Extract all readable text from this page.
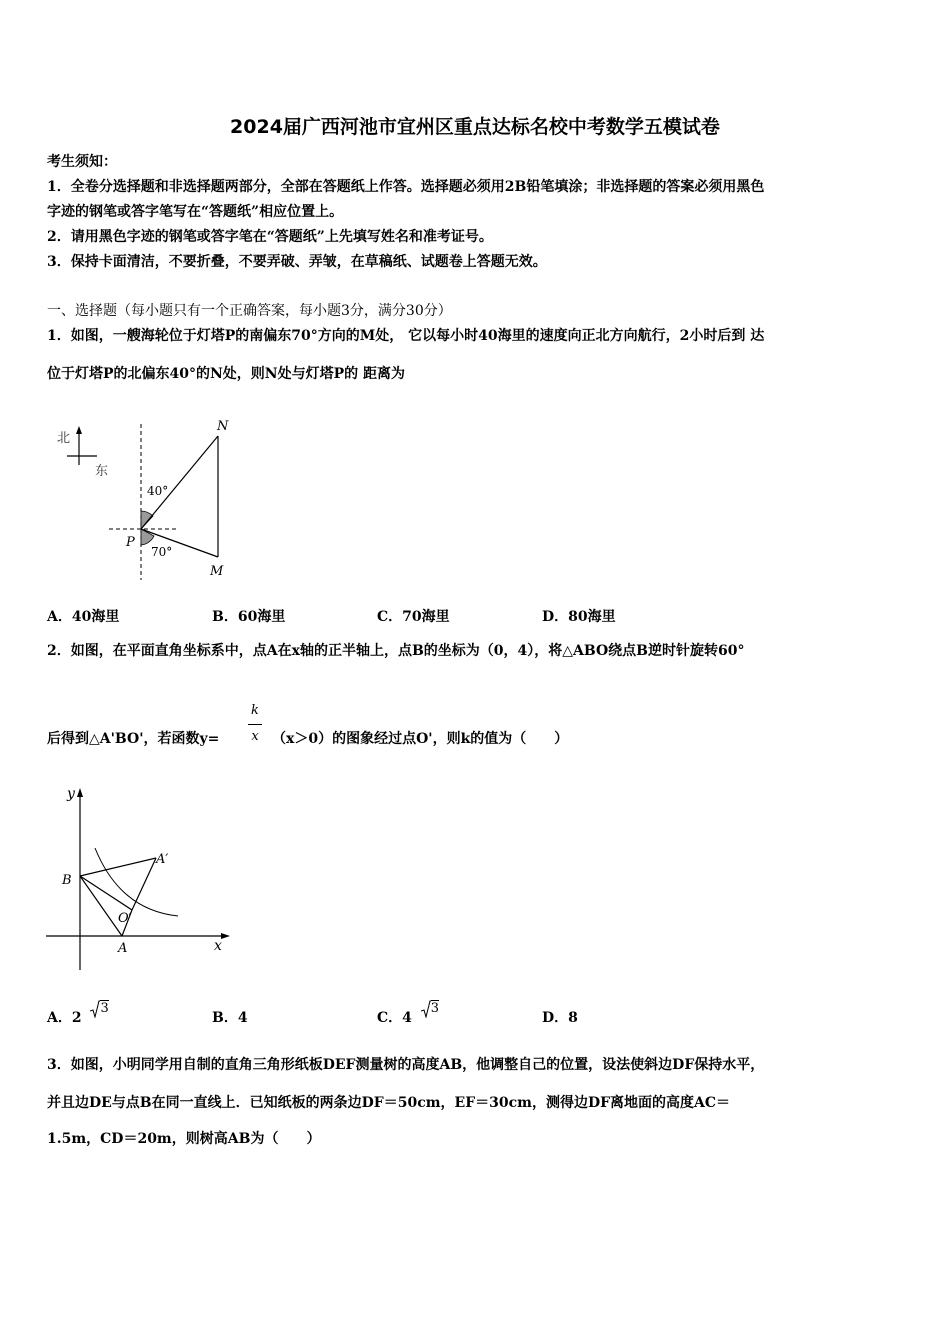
2024届广西河池市宜州区重点达标名校中考数学五模试卷
考生须知：
1．全卷分选择题和非选择题两部分，全部在答题纸上作答。选择题必须用2B铅笔填涂；非选择题的答案必须用黑色
字迹的钢笔或答字笔写在“答题纸”相应位置上。
2．请用黑色字迹的钢笔或答字笔在“答题纸”上先填写姓名和准考证号。
3．保持卡面清洁，不要折叠，不要弄破、弄皱，在草稿纸、试题卷上答题无效。
一、选择题（每小题只有一个正确答案，每小题3分，满分30分）
1．如图，一艘海轮位于灯塔P的南偏东70°方向的M处， 它以每小时40海里的速度向正北方向航行，2小时后到 达
位于灯塔P的北偏东40°的N处，则N处与灯塔P的 距离为
北
东
N
P
M
40°
70°
A．40海里	B．60海里	C．70海里	D．80海里
2．如图，在平面直角坐标系中，点A在x轴的正半轴上，点B的坐标为（0，4），将△ABO绕点B逆时针旋转60°
后得到△A'BO'，若函数y=
k
x （x＞0）的图象经过点O'，则k的值为（　　）
y
x
B
A′
O′
A
A．2 3
B．4	C．4 3
D．8
3．如图，小明同学用自制的直角三角形纸板DEF测量树的高度AB，他调整自己的位置，设法使斜边DF保持水平，
并且边DE与点B在同一直线上．已知纸板的两条边DF＝50cm，EF＝30cm，测得边DF离地面的高度AC＝
1.5m，CD＝20m，则树高AB为（　　）
